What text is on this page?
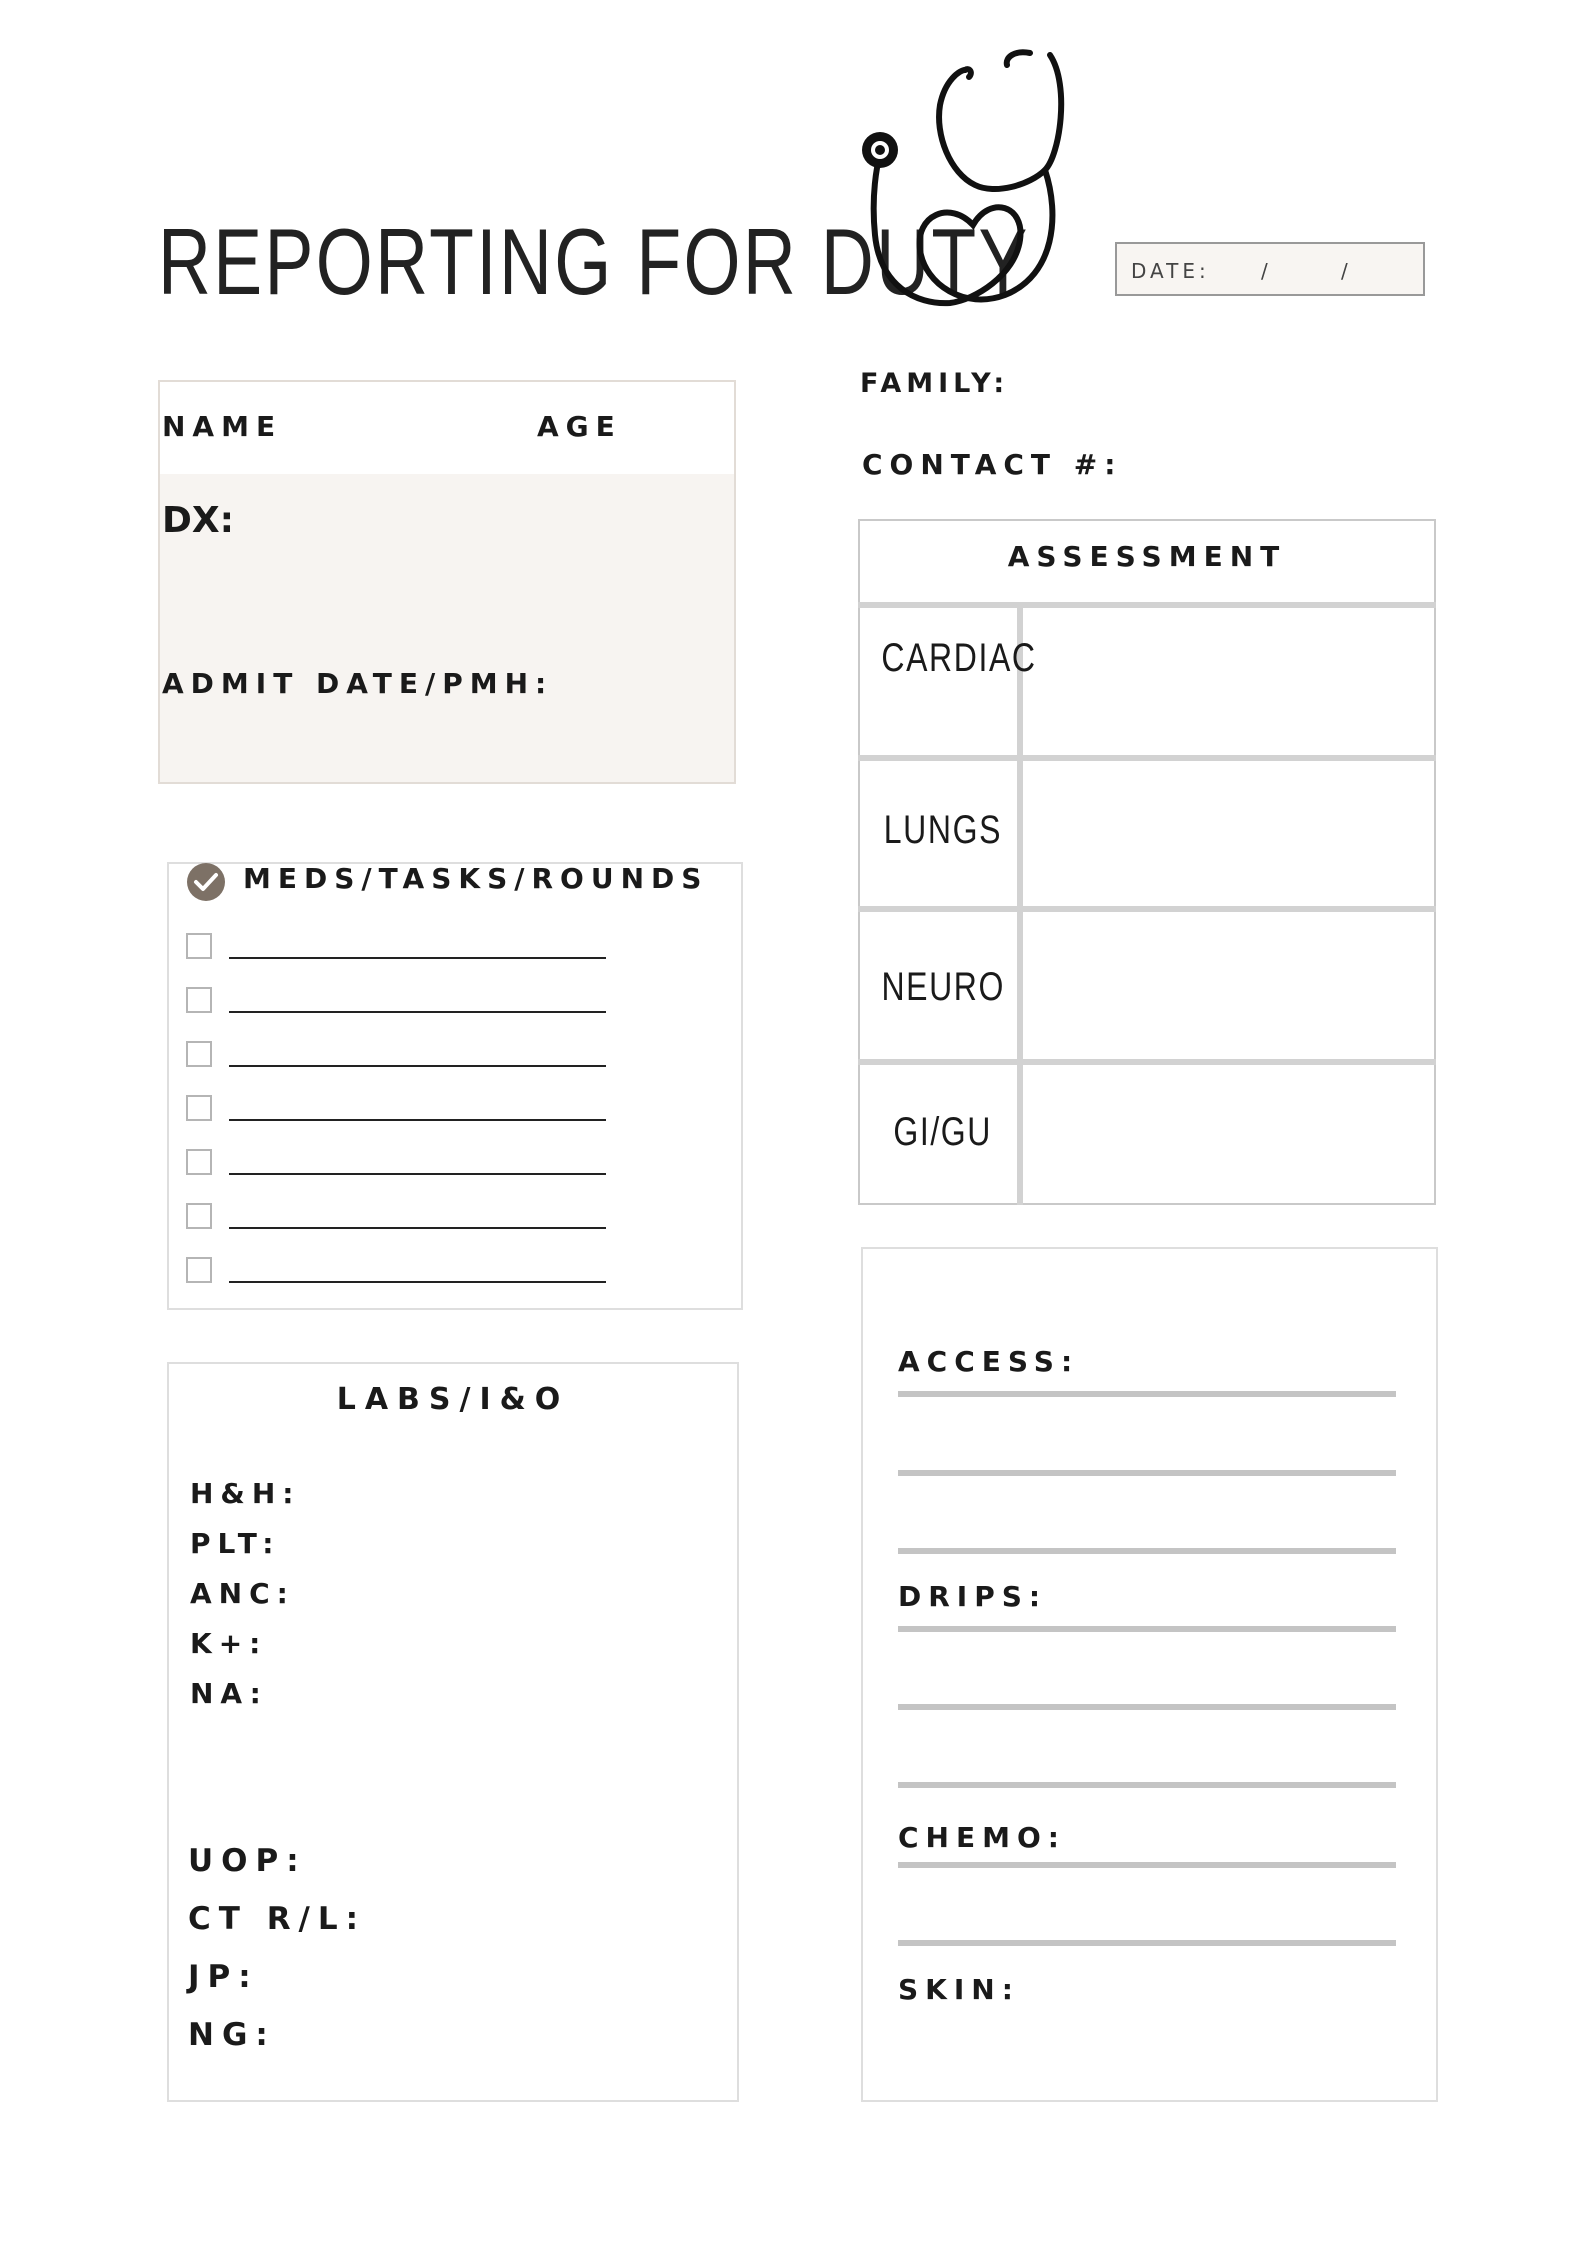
REPORTING FOR DUTY	DATE:	/	/
NAME	AGE
DX:
ADMIT DATE/PMH:
FAMILY:
CONTACT #:
ASSESSMENT
CARDIAC
LUNGS
NEURO
GI/GU
MEDS/TASKS/ROUNDS
LABS/I&O
H&H:
PLT:
ANC:
K+:
NA:
UOP:
CT R/L:
JP:
NG:
ACCESS:
DRIPS:
CHEMO:
SKIN:
